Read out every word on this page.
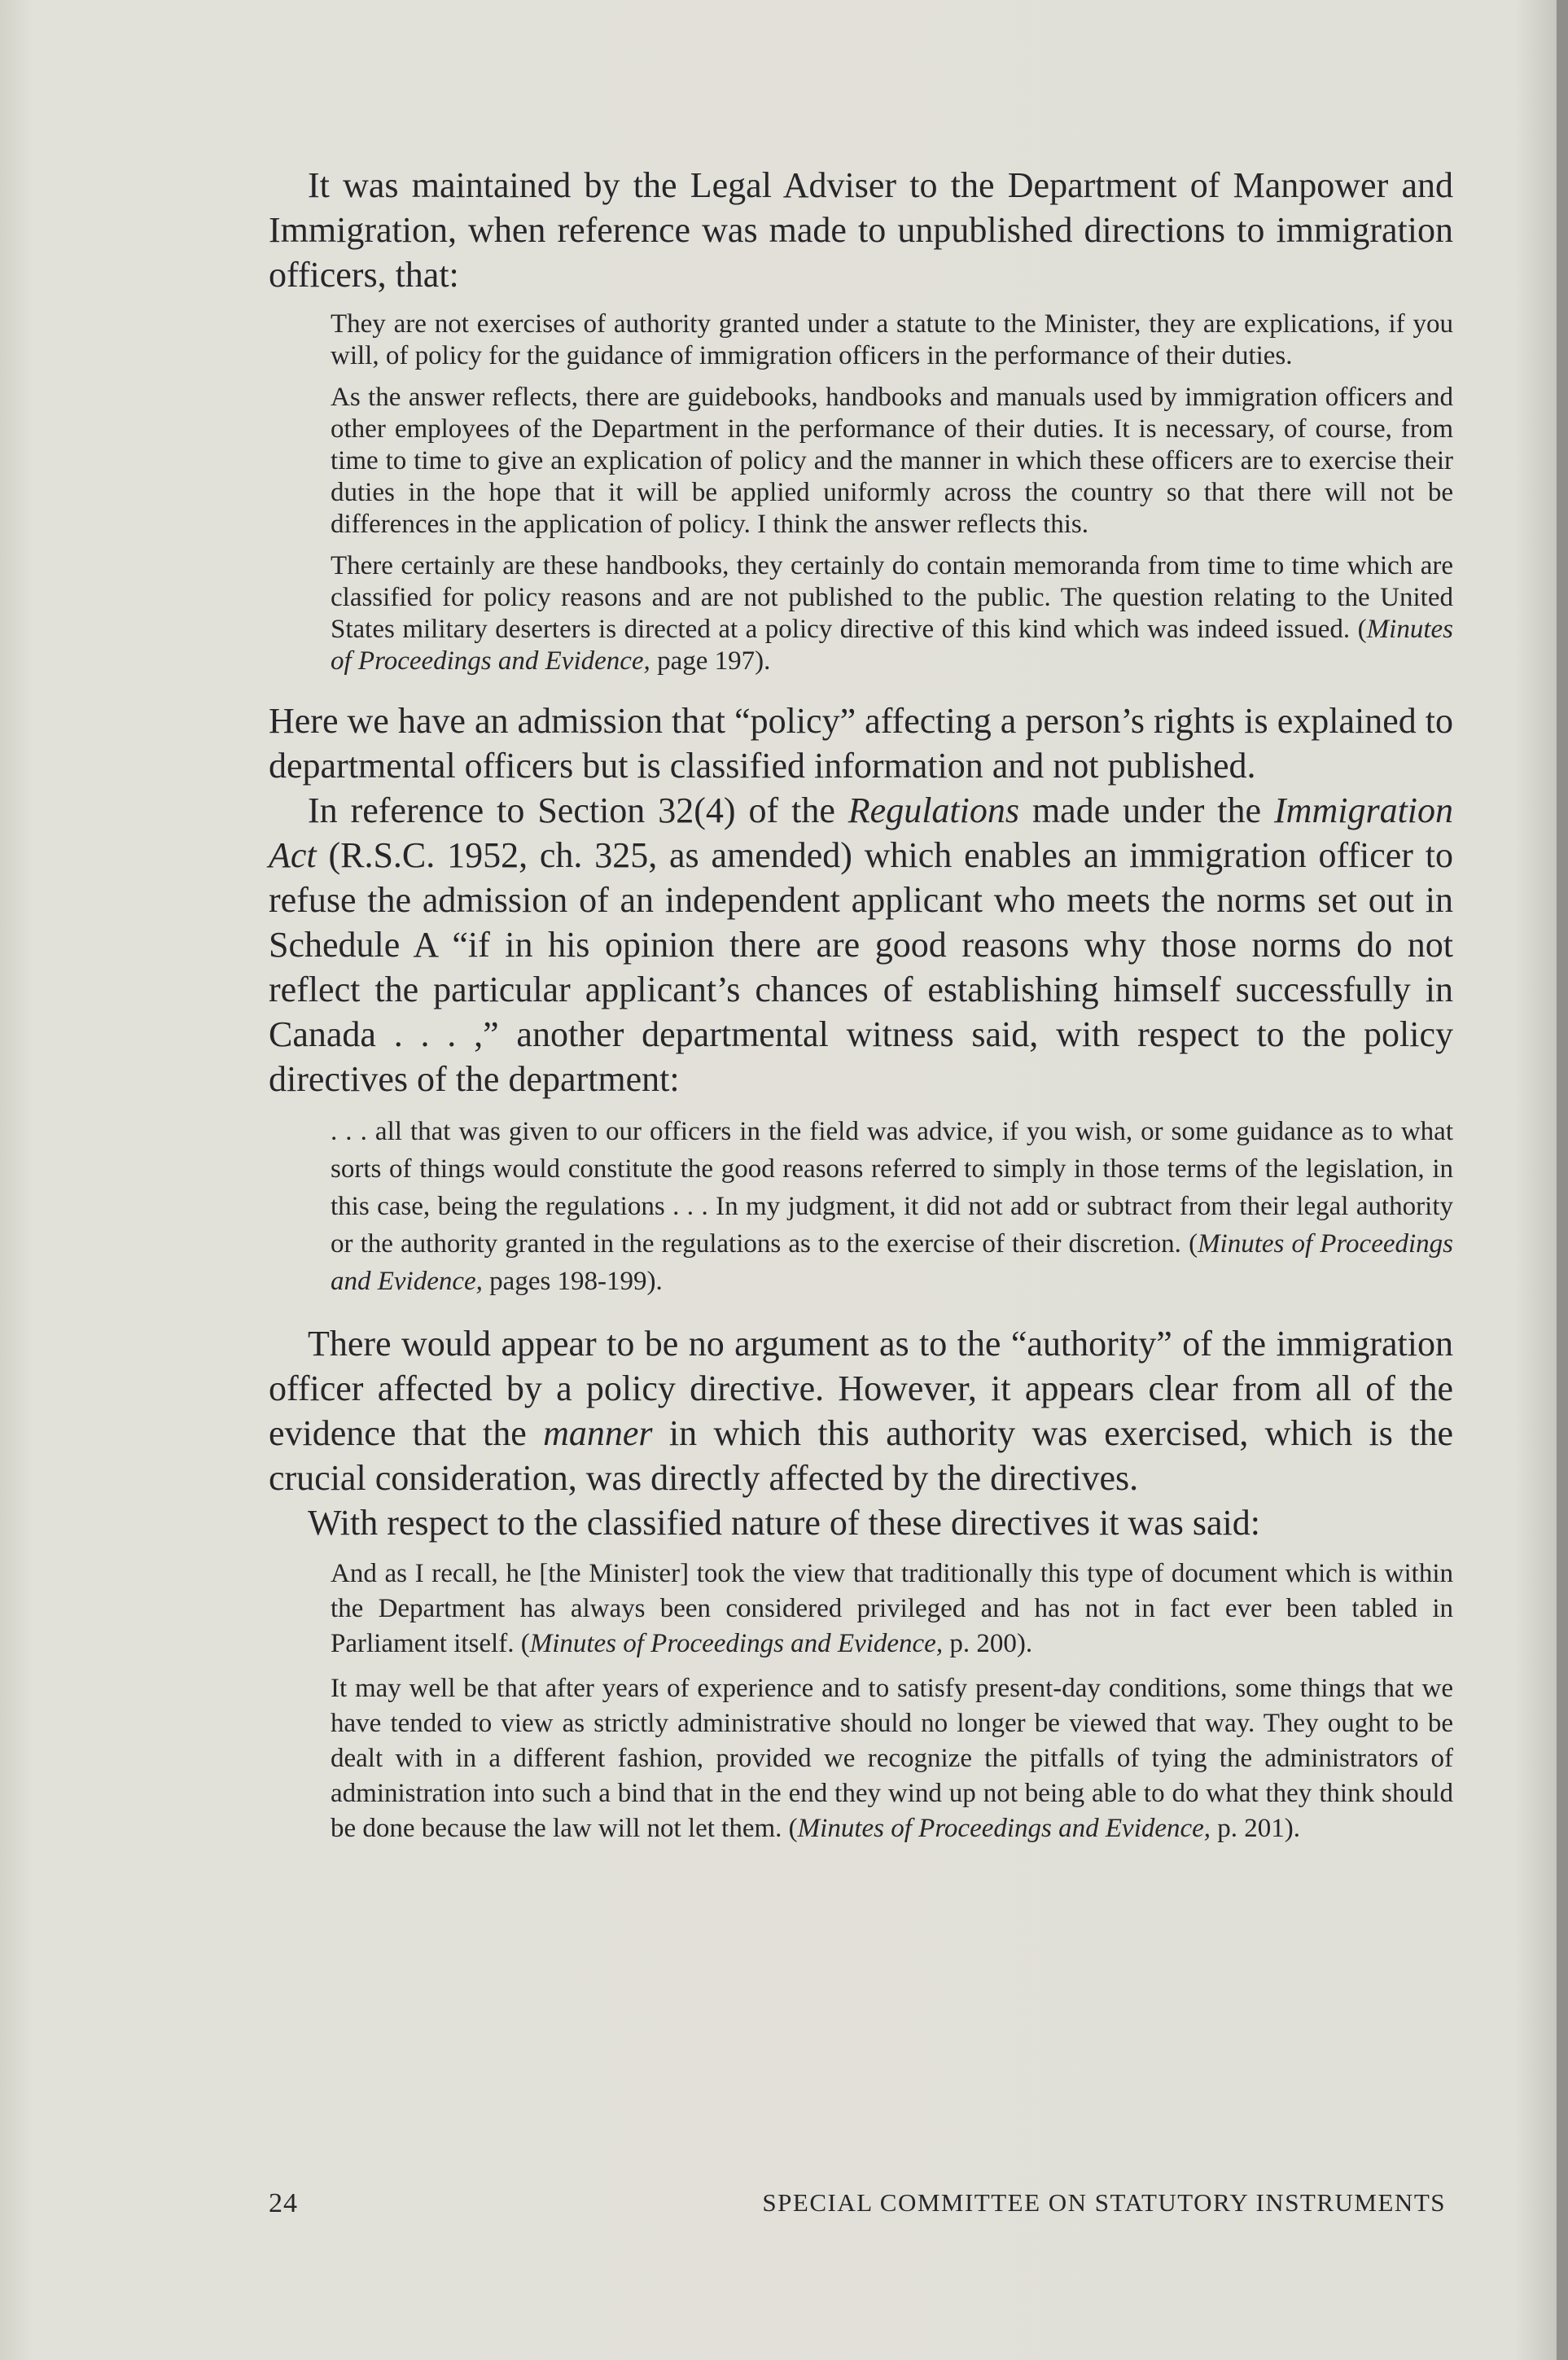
It was maintained by the Legal Adviser to the Department of Manpower and Immigration, when reference was made to unpublished directions to immigration officers, that:

They are not exercises of authority granted under a statute to the Minister, they are explications, if you will, of policy for the guidance of immigration officers in the performance of their duties.

As the answer reflects, there are guidebooks, handbooks and manuals used by immigration officers and other employees of the Department in the performance of their duties. It is necessary, of course, from time to time to give an explication of policy and the manner in which these officers are to exercise their duties in the hope that it will be applied uniformly across the country so that there will not be differences in the application of policy. I think the answer reflects this.

There certainly are these handbooks, they certainly do contain memoranda from time to time which are classified for policy reasons and are not published to the public. The question relating to the United States military deserters is directed at a policy directive of this kind which was indeed issued. (Minutes of Proceedings and Evidence, page 197).

Here we have an admission that “policy” affecting a person’s rights is explained to departmental officers but is classified information and not published.

In reference to Section 32(4) of the Regulations made under the Immigration Act (R.S.C. 1952, ch. 325, as amended) which enables an immigration officer to refuse the admission of an independent applicant who meets the norms set out in Schedule A “if in his opinion there are good reasons why those norms do not reflect the particular applicant’s chances of establishing himself successfully in Canada . . . ,” another departmental witness said, with respect to the policy directives of the department:

. . . all that was given to our officers in the field was advice, if you wish, or some guidance as to what sorts of things would constitute the good reasons referred to simply in those terms of the legislation, in this case, being the regulations . . . In my judgment, it did not add or subtract from their legal authority or the authority granted in the regulations as to the exercise of their discretion. (Minutes of Proceedings and Evidence, pages 198-199).

There would appear to be no argument as to the “authority” of the immigration officer affected by a policy directive. However, it appears clear from all of the evidence that the manner in which this authority was exercised, which is the crucial consideration, was directly affected by the directives.

With respect to the classified nature of these directives it was said:

And as I recall, he [the Minister] took the view that traditionally this type of document which is within the Department has always been considered privileged and has not in fact ever been tabled in Parliament itself. (Minutes of Proceedings and Evidence, p. 200).

It may well be that after years of experience and to satisfy present-day conditions, some things that we have tended to view as strictly administrative should no longer be viewed that way. They ought to be dealt with in a different fashion, provided we recognize the pitfalls of tying the administrators of administration into such a bind that in the end they wind up not being able to do what they think should be done because the law will not let them. (Minutes of Proceedings and Evidence, p. 201).

24	SPECIAL COMMITTEE ON STATUTORY INSTRUMENTS
